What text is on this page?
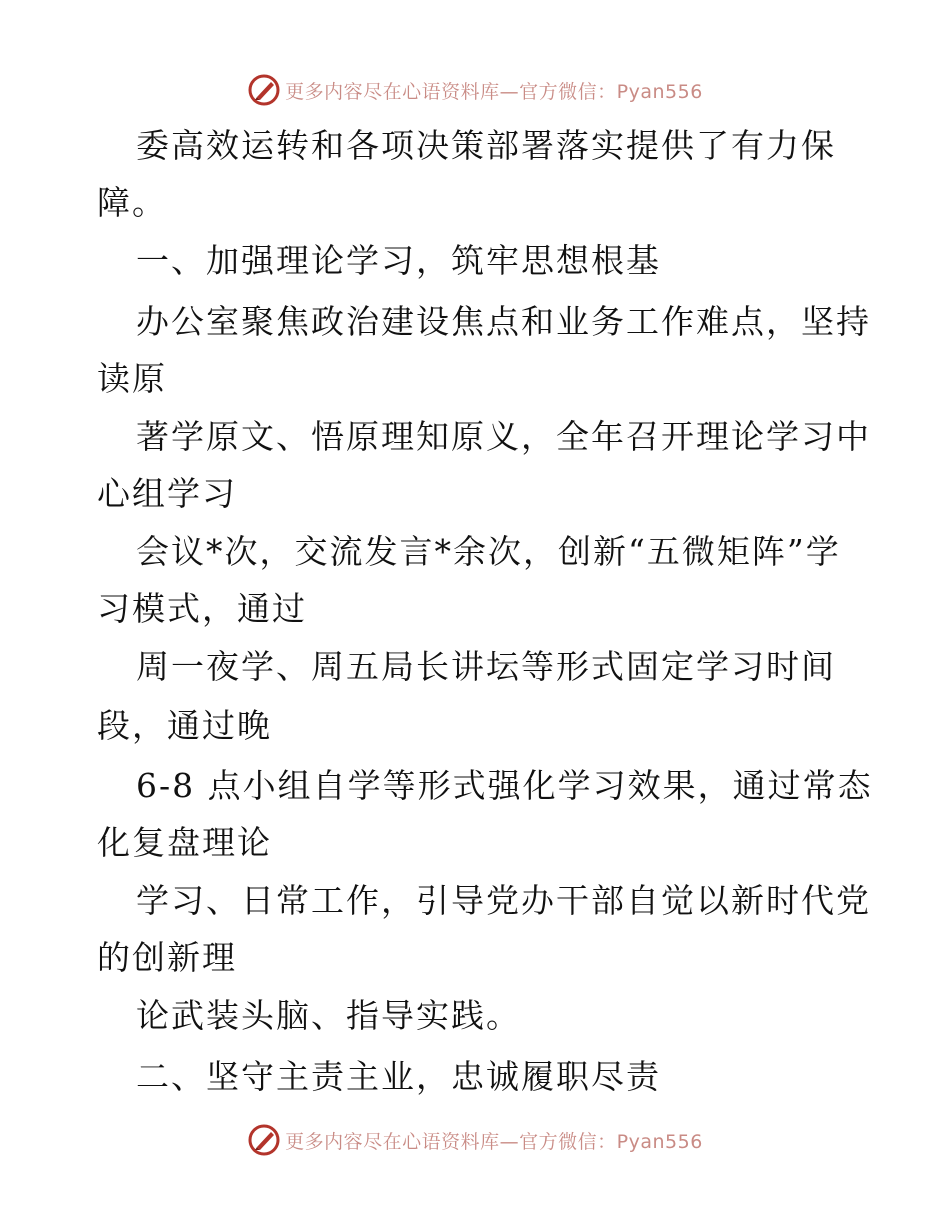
更多内容尽在心语资料库—官方微信：Pyan556
委高效运转和各项决策部署落实提供了有力保
障。
一、加强理论学习，筑牢思想根基
办公室聚焦政治建设焦点和业务工作难点，坚持
读原
著学原文、悟原理知原义，全年召开理论学习中
心组学习
会议*次，交流发言*余次，创新“五微矩阵”学
习模式，通过
周一夜学、周五局长讲坛等形式固定学习时间
段，通过晚
6-8 点小组自学等形式强化学习效果，通过常态
化复盘理论
学习、日常工作，引导党办干部自觉以新时代党
的创新理
论武装头脑、指导实践。
二、坚守主责主业，忠诚履职尽责
更多内容尽在心语资料库—官方微信：Pyan556
